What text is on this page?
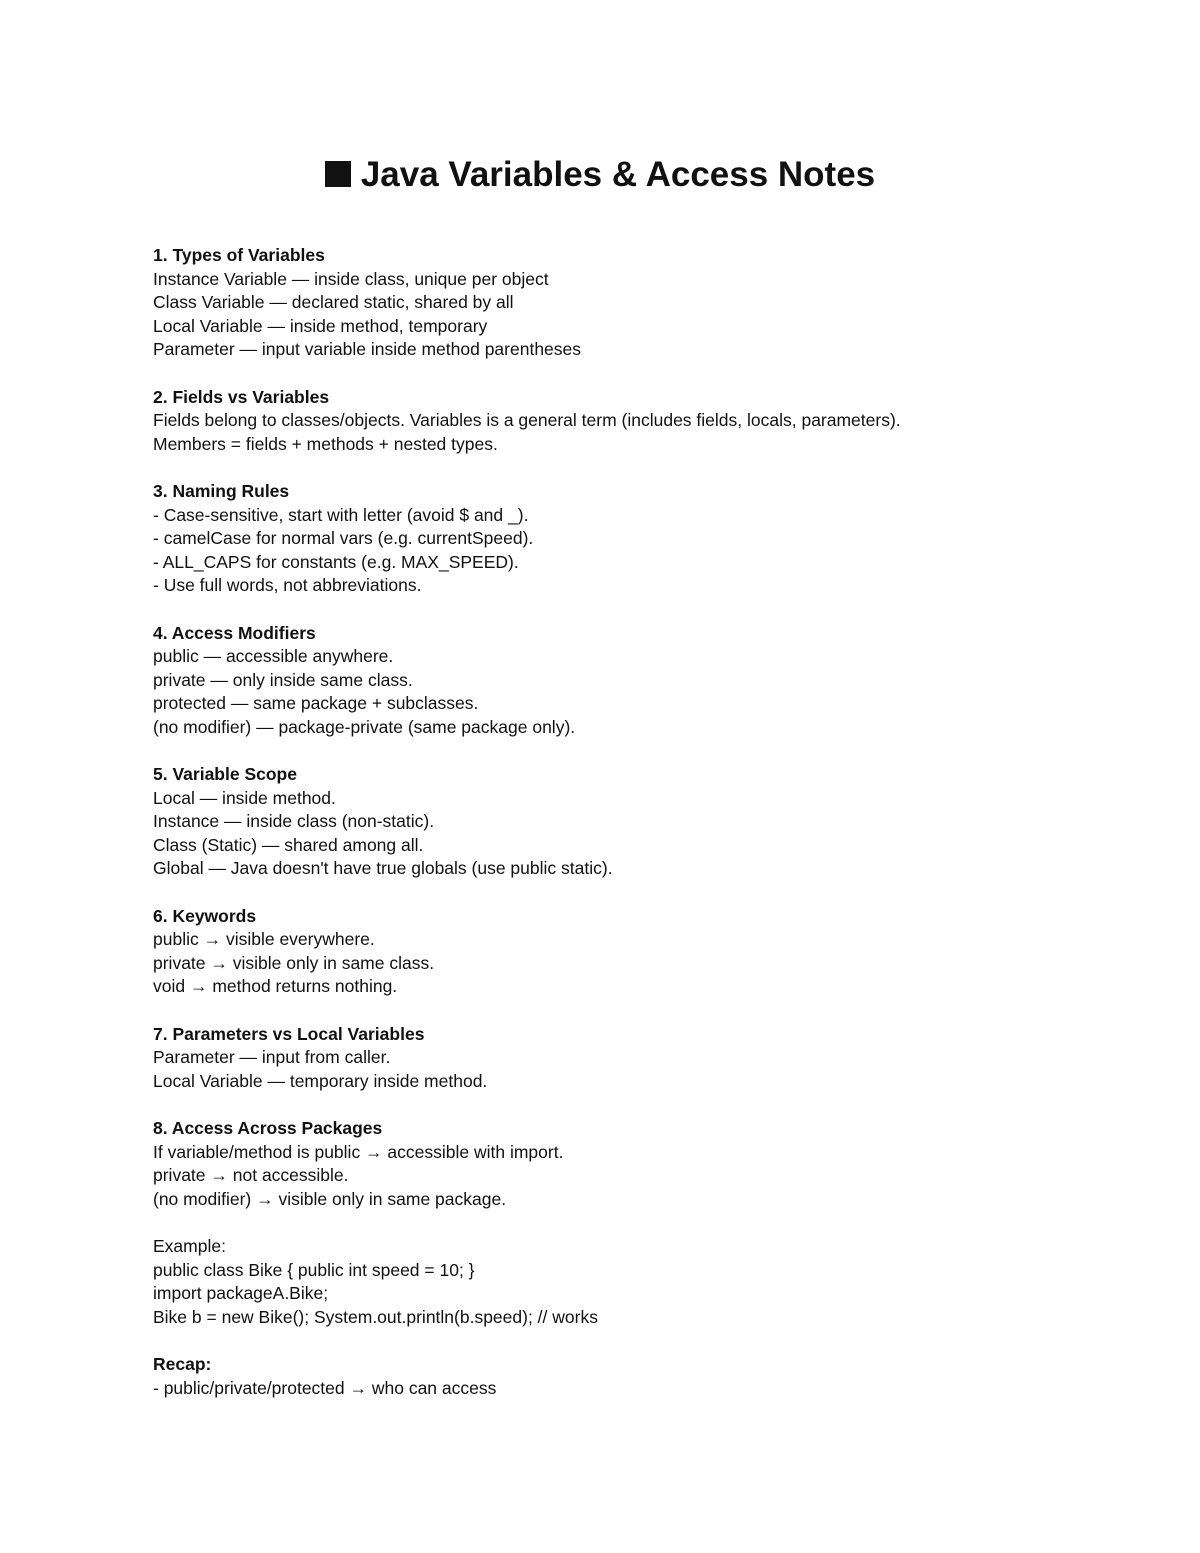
Java Variables & Access Notes
1. Types of Variables
Instance Variable — inside class, unique per object
Class Variable — declared static, shared by all
Local Variable — inside method, temporary
Parameter — input variable inside method parentheses
2. Fields vs Variables
Fields belong to classes/objects. Variables is a general term (includes fields, locals, parameters).
Members = fields + methods + nested types.
3. Naming Rules
- Case-sensitive, start with letter (avoid $ and _).
- camelCase for normal vars (e.g. currentSpeed).
- ALL_CAPS for constants (e.g. MAX_SPEED).
- Use full words, not abbreviations.
4. Access Modifiers
public — accessible anywhere.
private — only inside same class.
protected — same package + subclasses.
(no modifier) — package-private (same package only).
5. Variable Scope
Local — inside method.
Instance — inside class (non-static).
Class (Static) — shared among all.
Global — Java doesn't have true globals (use public static).
6. Keywords
public → visible everywhere.
private → visible only in same class.
void → method returns nothing.
7. Parameters vs Local Variables
Parameter — input from caller.
Local Variable — temporary inside method.
8. Access Across Packages
If variable/method is public → accessible with import.
private → not accessible.
(no modifier) → visible only in same package.
Example:
public class Bike { public int speed = 10; }
import packageA.Bike;
Bike b = new Bike(); System.out.println(b.speed); // works
Recap:
- public/private/protected → who can access
